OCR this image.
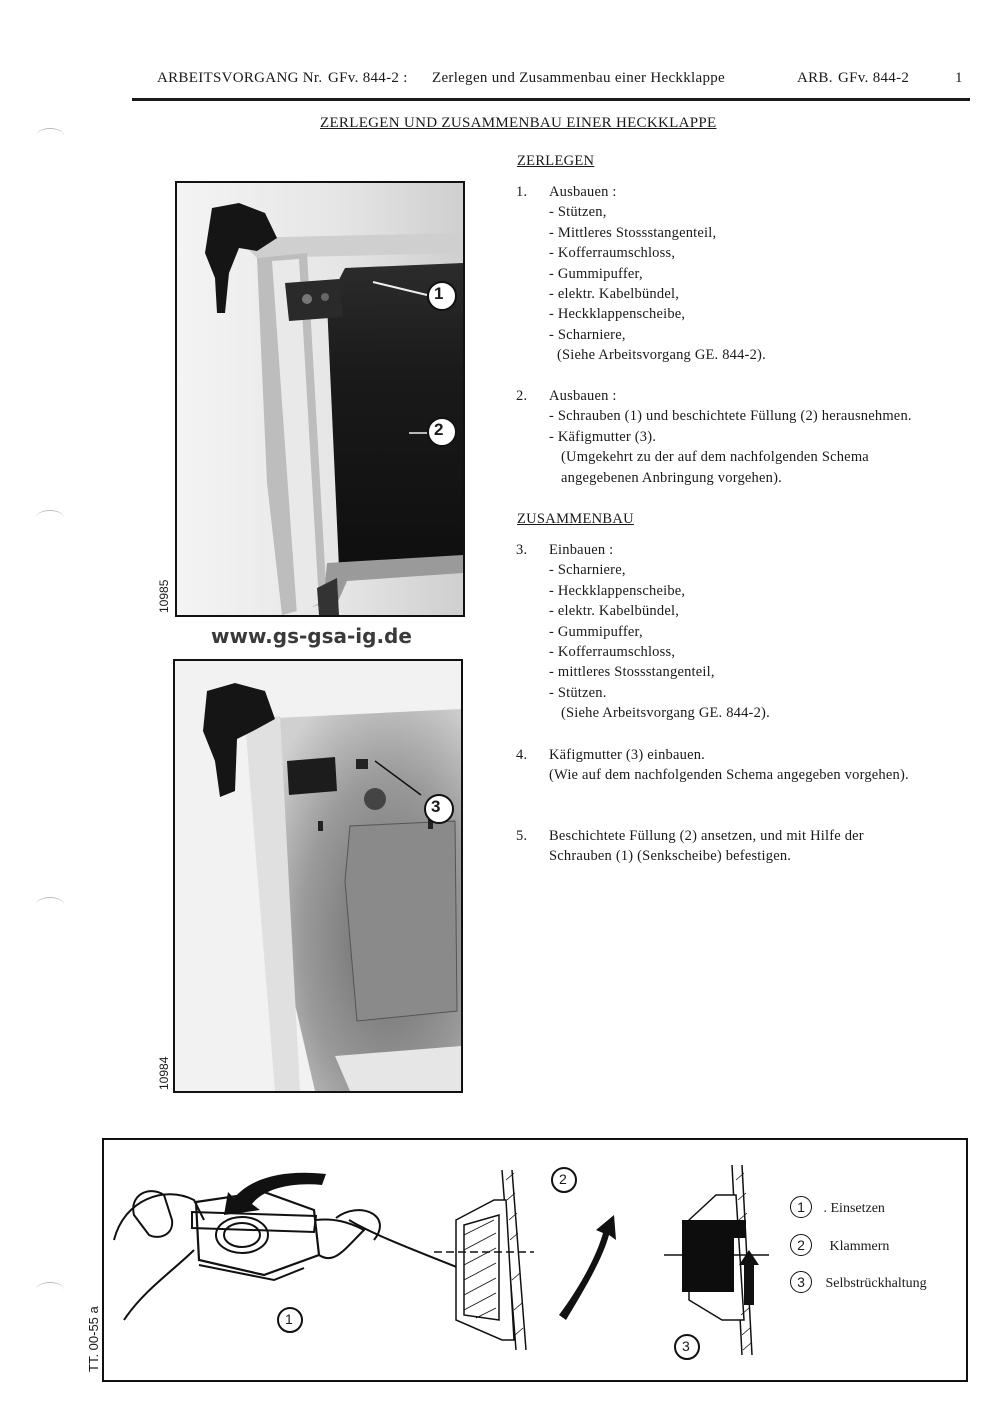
ARBEITSVORGANG Nr. GFv. 844-2 : Zerlegen und Zusammenbau einer Heckklappe	ARB. GFv. 844-2	1
ZERLEGEN UND ZUSAMMENBAU EINER HECKKLAPPE
1
2
10985
www.gs-gsa-ig.de
3
10984
ZERLEGEN
1. Ausbauen :
- Stützen,
- Mittleres Stossstangenteil,
- Kofferraumschloss,
- Gummipuffer,
- elektr. Kabelbündel,
- Heckklappenscheibe,
- Scharniere,
(Siehe Arbeitsvorgang GE. 844-2).
2. Ausbauen :
- Schrauben (1) und beschichtete Füllung (2) herausnehmen.
- Käfigmutter (3).
(Umgekehrt zu der auf dem nachfolgenden Schema
angegebenen Anbringung vorgehen).
ZUSAMMENBAU
3. Einbauen :
- Scharniere,
- Heckklappenscheibe,
- elektr. Kabelbündel,
- Gummipuffer,
- Kofferraumschloss,
- mittleres Stossstangenteil,
- Stützen.
(Siehe Arbeitsvorgang GE. 844-2).
4. Käfigmutter (3) einbauen.
(Wie auf dem nachfolgenden Schema angegeben vorgehen).
5. Beschichtete Füllung (2) ansetzen, und mit Hilfe der
Schrauben (1) (Senkscheibe) befestigen.
1
2
3
1 . Einsetzen
2 Klammern
3 Selbstrückhaltung
TT. 00-55 a
